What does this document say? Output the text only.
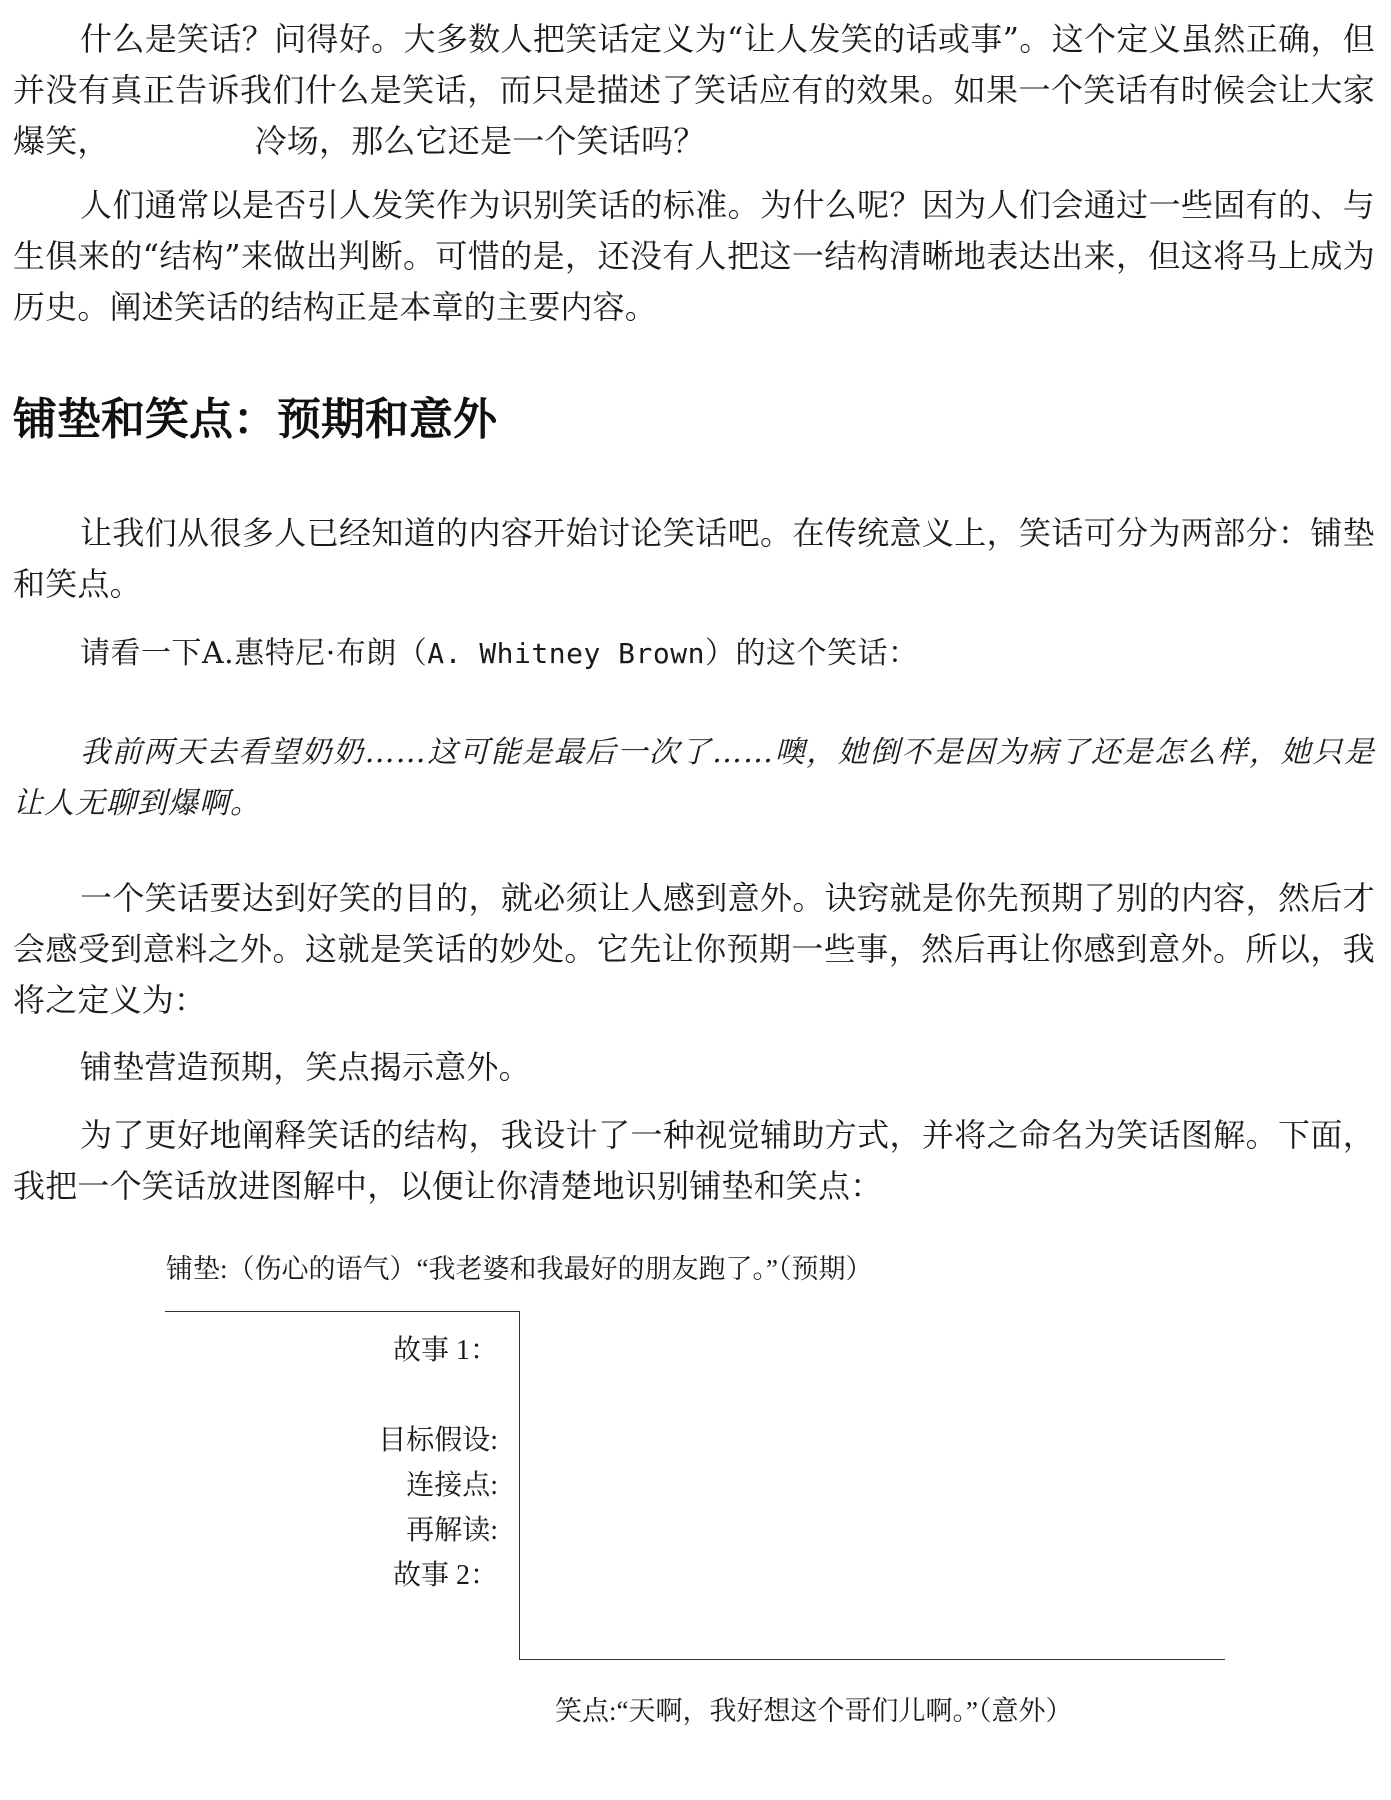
什么是笑话？问得好。大多数人把笑话定义为“让人发笑的话或事”。这个定义虽然正确，但并没有真正告诉我们什么是笑话，而只是描述了笑话应有的效果。如果一个笑话有时候会让大家爆笑，　　　　　冷场，那么它还是一个笑话吗？

人们通常以是否引人发笑作为识别笑话的标准。为什么呢？因为人们会通过一些固有的、与生俱来的“结构”来做出判断。可惜的是，还没有人把这一结构清晰地表达出来，但这将马上成为历史。阐述笑话的结构正是本章的主要内容。

铺垫和笑点：预期和意外

让我们从很多人已经知道的内容开始讨论笑话吧。在传统意义上，笑话可分为两部分：铺垫和笑点。

请看一下A.惠特尼·布朗（A. Whitney Brown）的这个笑话：

我前两天去看望奶奶……这可能是最后一次了……噢，她倒不是因为病了还是怎么样，她只是让人无聊到爆啊。

一个笑话要达到好笑的目的，就必须让人感到意外。诀窍就是你先预期了别的内容，然后才会感受到意料之外。这就是笑话的妙处。它先让你预期一些事，然后再让你感到意外。所以，我将之定义为：

铺垫营造预期，笑点揭示意外。

为了更好地阐释笑话的结构，我设计了一种视觉辅助方式，并将之命名为笑话图解。下面，我把一个笑话放进图解中，以便让你清楚地识别铺垫和笑点：

铺垫:（伤心的语气）“我老婆和我最好的朋友跑了。”（预期）

故事 1：

目标假设:

连接点:

再解读:

故事 2：

笑点:“天啊，我好想这个哥们儿啊。”（意外）
